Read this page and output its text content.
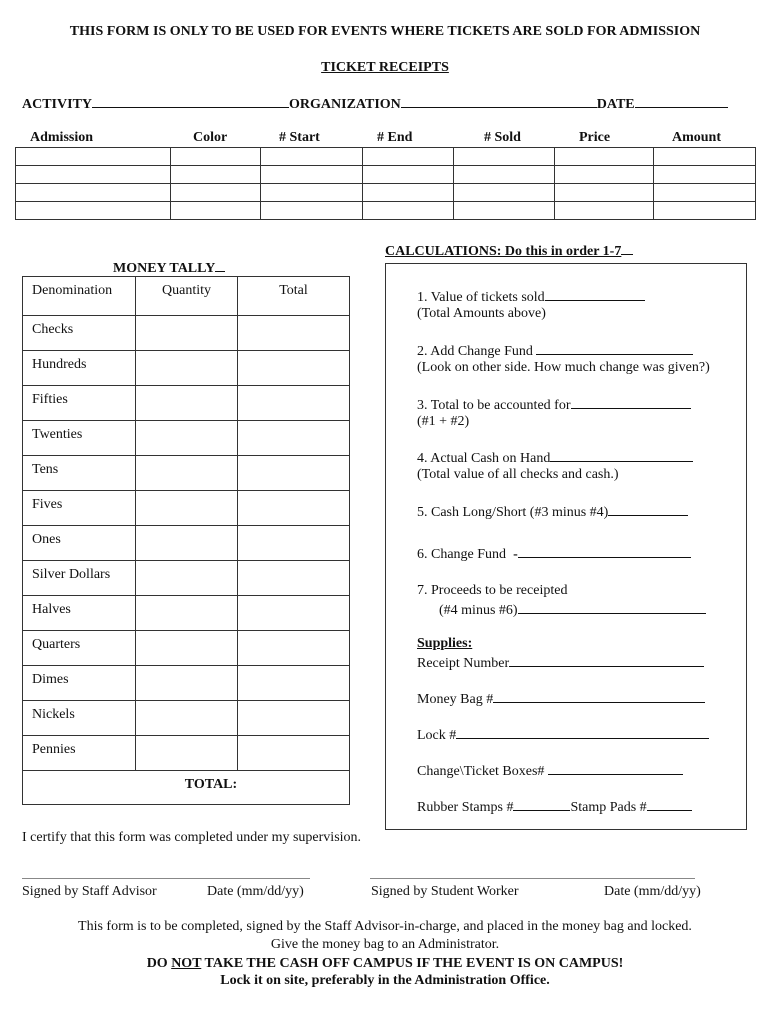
THIS FORM IS ONLY TO BE USED FOR EVENTS WHERE TICKETS ARE SOLD FOR ADMISSION
TICKET RECEIPTS
ACTIVITY	ORGANIZATION	DATE
Admission	Color	# Start	# End	# Sold	Price	Amount

MONEY TALLY
Denomination	Quantity	Total
Checks		
Hundreds		
Fifties		
Twenties		
Tens		
Fives		
Ones		
Silver Dollars		
Halves		
Quarters		
Dimes		
Nickels		
Pennies		
TOTAL:		
CALCULATIONS: Do this in order 1-7
1. Value of tickets sold
(Total Amounts above)
2. Add Change Fund
(Look on other side. How much change was given?)
3. Total to be accounted for
(#1 + #2)
4. Actual Cash on Hand
(Total value of all checks and cash.)
5. Cash Long/Short (#3 minus #4)
6. Change Fund -
7. Proceeds to be receipted
(#4 minus #6)
Supplies:
Receipt Number
Money Bag #
Lock #
Change\Ticket Boxes#
Rubber Stamps #	Stamp Pads #
I certify that this form was completed under my supervision.
Signed by Staff Advisor	Date (mm/dd/yy)	Signed by Student Worker	Date (mm/dd/yy)
This form is to be completed, signed by the Staff Advisor-in-charge, and placed in the money bag and locked.
Give the money bag to an Administrator.
DO NOT TAKE THE CASH OFF CAMPUS IF THE EVENT IS ON CAMPUS!
Lock it on site, preferably in the Administration Office.
